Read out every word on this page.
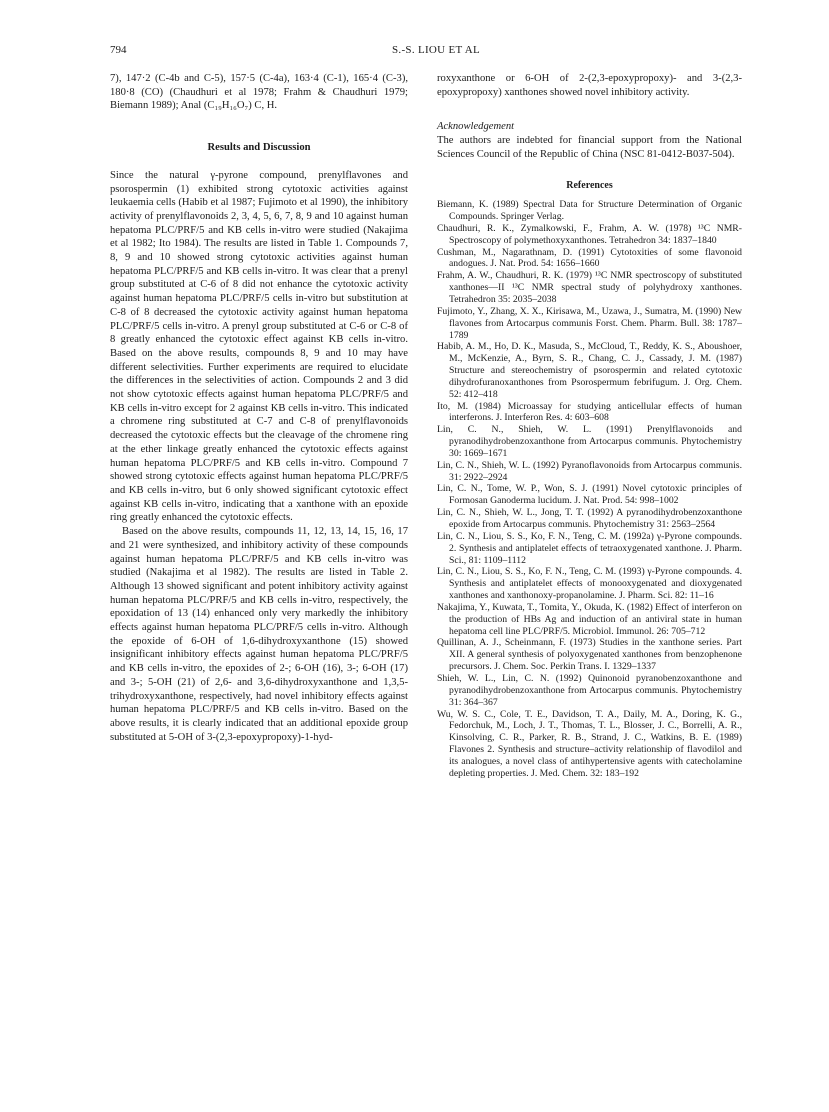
794	S.-S. LIOU ET AL

7), 147·2 (C-4b and C-5), 157·5 (C-4a), 163·4 (C-1), 165·4 (C-3), 180·8 (CO) (Chaudhuri et al 1978; Frahm & Chaudhuri 1979; Biemann 1989); Anal (C₁₉H₁₆O₇) C, H.

Results and Discussion

Since the natural γ-pyrone compound, prenylflavones and psorospermin (1) exhibited strong cytotoxic activities against leukaemia cells (Habib et al 1987; Fujimoto et al 1990), the inhibitory activity of prenylflavonoids 2, 3, 4, 5, 6, 7, 8, 9 and 10 against human hepatoma PLC/PRF/5 and KB cells in-vitro were studied (Nakajima et al 1982; Ito 1984). The results are listed in Table 1. Compounds 7, 8, 9 and 10 showed strong cytotoxic activities against human hepatoma PLC/PRF/5 and KB cells in-vitro. It was clear that a prenyl group substituted at C-6 of 8 did not enhance the cytotoxic activity against human hepatoma PLC/PRF/5 cells in-vitro but substitution at C-8 of 8 decreased the cytotoxic activity against human hepatoma PLC/PRF/5 cells in-vitro. A prenyl group substituted at C-6 or C-8 of 8 greatly enhanced the cytotoxic effect against KB cells in-vitro. Based on the above results, compounds 8, 9 and 10 may have different selectivities. Further experiments are required to elucidate the differences in the selectivities of action. Compounds 2 and 3 did not show cytotoxic effects against human hepatoma PLC/PRF/5 and KB cells in-vitro except for 2 against KB cells in-vitro. This indicated a chromene ring substituted at C-7 and C-8 of prenylflavonoids decreased the cytotoxic effects but the cleavage of the chromene ring at the ether linkage greatly enhanced the cytotoxic effects against human hepatoma PLC/PRF/5 and KB cells in-vitro. Compound 7 showed strong cytotoxic effects against human hepatoma PLC/PRF/5 and KB cells in-vitro, but 6 only showed significant cytotoxic effect against KB cells in-vitro, indicating that a xanthone with an epoxide ring greatly enhanced the cytotoxic effects.

Based on the above results, compounds 11, 12, 13, 14, 15, 16, 17 and 21 were synthesized, and inhibitory activity of these compounds against human hepatoma PLC/PRF/5 and KB cells in-vitro was studied (Nakajima et al 1982). The results are listed in Table 2. Although 13 showed significant and potent inhibitory activity against human hepatoma PLC/PRF/5 and KB cells in-vitro, respectively, the epoxidation of 13 (14) enhanced only very markedly the inhibitory effects against human hepatoma PLC/PRF/5 cells in-vitro. Although the epoxide of 6-OH of 1,6-dihydroxyxanthone (15) showed insignificant inhibitory effects against human hepatoma PLC/PRF/5 and KB cells in-vitro, the epoxides of 2-; 6-OH (16), 3-; 6-OH (17) and 3-; 5-OH (21) of 2,6- and 3,6-dihydroxyxanthone and 1,3,5-trihydroxyxanthone, respectively, had novel inhibitory effects against human hepatoma PLC/PRF/5 and KB cells in-vitro. Based on the above results, it is clearly indicated that an additional epoxide group substituted at 5-OH of 3-(2,3-epoxypropoxy)-1-hyd-

roxyxanthone or 6-OH of 2-(2,3-epoxypropoxy)- and 3-(2,3-epoxypropoxy) xanthones showed novel inhibitory activity.

Acknowledgement

The authors are indebted for financial support from the National Sciences Council of the Republic of China (NSC 81-0412-B037-504).

References
Biemann, K. (1989) Spectral Data for Structure Determination of Organic Compounds. Springer Verlag.
Chaudhuri, R. K., Zymalkowski, F., Frahm, A. W. (1978) ¹³C NMR-Spectroscopy of polymethoxyxanthones. Tetrahedron 34: 1837–1840
Cushman, M., Nagarathnam, D. (1991) Cytotoxities of some flavonoid andogues. J. Nat. Prod. 54: 1656–1660
Frahm, A. W., Chaudhuri, R. K. (1979) ¹³C NMR spectroscopy of substituted xanthones—II ¹³C NMR spectral study of polyhydroxy xanthones. Tetrahedron 35: 2035–2038
Fujimoto, Y., Zhang, X. X., Kirisawa, M., Uzawa, J., Sumatra, M. (1990) New flavones from Artocarpus communis Forst. Chem. Pharm. Bull. 38: 1787–1789
Habib, A. M., Ho, D. K., Masuda, S., McCloud, T., Reddy, K. S., Aboushoer, M., McKenzie, A., Byrn, S. R., Chang, C. J., Cassady, J. M. (1987) Structure and stereochemistry of psorospermin and related cytotoxic dihydrofuranoxanthones from Psorospermum febrifugum. J. Org. Chem. 52: 412–418
Ito, M. (1984) Microassay for studying anticellular effects of human interferons. J. Interferon Res. 4: 603–608
Lin, C. N., Shieh, W. L. (1991) Prenylflavonoids and pyranodihydrobenzoxanthone from Artocarpus communis. Phytochemistry 30: 1669–1671
Lin, C. N., Shieh, W. L. (1992) Pyranoflavonoids from Artocarpus communis. 31: 2922–2924
Lin, C. N., Tome, W. P., Won, S. J. (1991) Novel cytotoxic principles of Formosan Ganoderma lucidum. J. Nat. Prod. 54: 998–1002
Lin, C. N., Shieh, W. L., Jong, T. T. (1992) A pyranodihydrobenzoxanthone epoxide from Artocarpus communis. Phytochemistry 31: 2563–2564
Lin, C. N., Liou, S. S., Ko, F. N., Teng, C. M. (1992a) γ-Pyrone compounds. 2. Synthesis and antiplatelet effects of tetraoxygenated xanthone. J. Pharm. Sci., 81: 1109–1112
Lin, C. N., Liou, S. S., Ko, F. N., Teng, C. M. (1993) γ-Pyrone compounds. 4. Synthesis and antiplatelet effects of monooxygenated and dioxygenated xanthones and xanthonoxy-propanolamine. J. Pharm. Sci. 82: 11–16
Nakajima, Y., Kuwata, T., Tomita, Y., Okuda, K. (1982) Effect of interferon on the production of HBs Ag and induction of an antiviral state in human hepatoma cell line PLC/PRF/5. Microbiol. Immunol. 26: 705–712
Quillinan, A. J., Scheinmann, F. (1973) Studies in the xanthone series. Part XII. A general synthesis of polyoxygenated xanthones from benzophenone precursors. J. Chem. Soc. Perkin Trans. I. 1329–1337
Shieh, W. L., Lin, C. N. (1992) Quinonoid pyranobenzoxanthone and pyranodihydrobenzoxanthone from Artocarpus communis. Phytochemistry 31: 364–367
Wu, W. S. C., Cole, T. E., Davidson, T. A., Daily, M. A., Doring, K. G., Fedorchuk, M., Loch, J. T., Thomas, T. L., Blosser, J. C., Borrelli, A. R., Kinsolving, C. R., Parker, R. B., Strand, J. C., Watkins, B. E. (1989) Flavones 2. Synthesis and structure–activity relationship of flavodilol and its analogues, a novel class of antihypertensive agents with catecholamine depleting properties. J. Med. Chem. 32: 183–192
